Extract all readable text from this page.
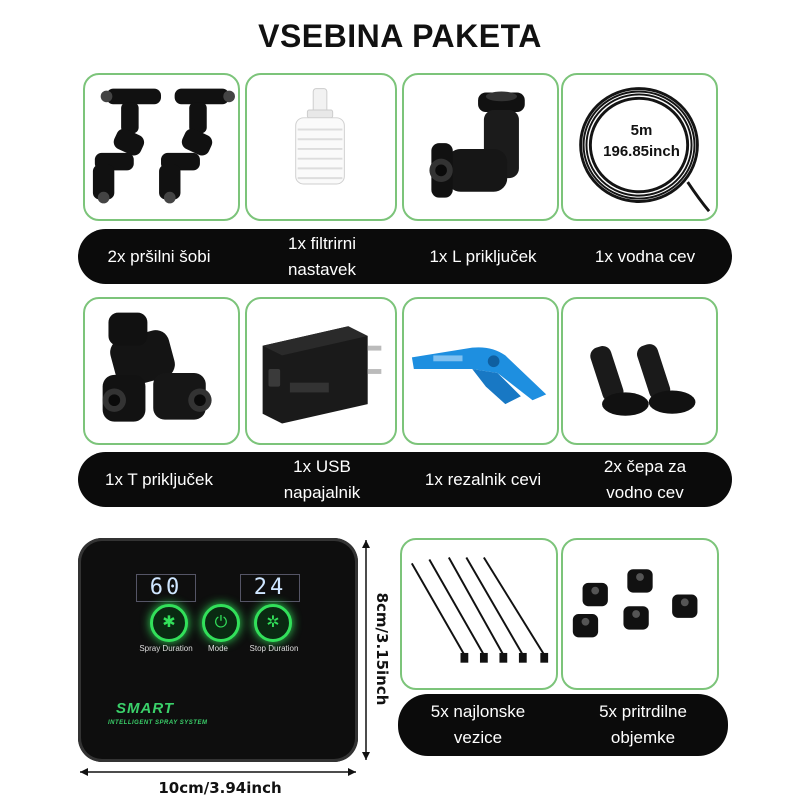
VSEBINA PAKETA
5m
196.85inch
2x pršilni šobi
1x filtrirni nastavek
1x L priključek	1x vodna cev
1x T priključek
1x USB napajalnik
1x rezalnik cevi
2x čepa za vodno cev
60	24
✱	⏻	✲
Spray Duration	Mode	Stop Duration
SMART
INTELLIGENT SPRAY SYSTEM
10cm/3.94inch
8cm/3.15inch
5x najlonske vezice
5x pritrdilne objemke
